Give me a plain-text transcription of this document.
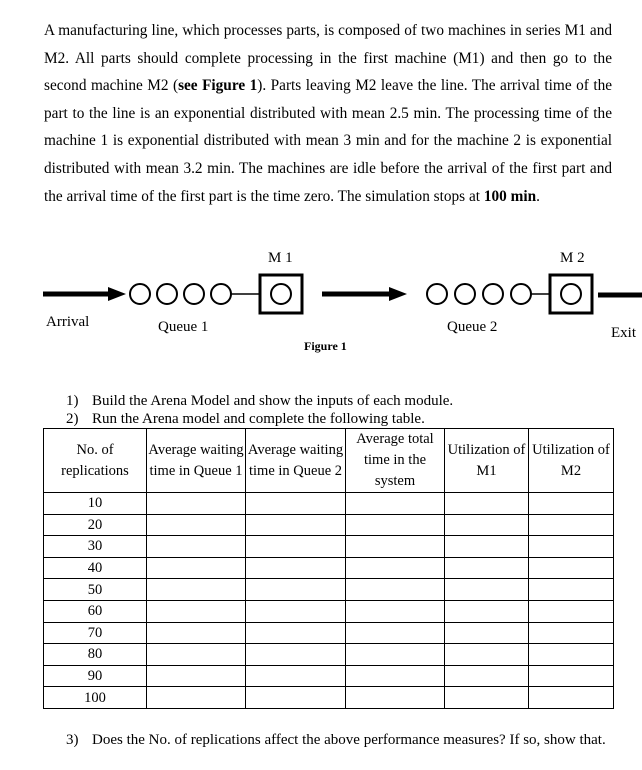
A manufacturing line, which processes parts, is composed of two machines in series M1 and M2. All parts should complete processing in the first machine (M1) and then go to the second machine M2 (see Figure 1). Parts leaving M2 leave the line. The arrival time of the part to the line is an exponential distributed with mean 2.5 min. The processing time of the machine 1 is exponential distributed with mean 3 min and for the machine 2 is exponential distributed with mean 3.2 min. The machines are idle before the arrival of the first part and the arrival time of the first part is the time zero. The simulation stops at 100 min.
M 1	M 2
Arrival	Queue 1	Queue 2	Exit
Figure 1
1) Build the Arena Model and show the inputs of each module.
2) Run the Arena model and complete the following table.
No. of replications	Average waiting time in Queue 1	Average waiting time in Queue 2	Average total time in the system	Utilization of M1	Utilization of M2
10					
20					
30					
40					
50					
60					
70					
80					
90					
100					
3) Does the No. of replications affect the above performance measures? If so, show that.
